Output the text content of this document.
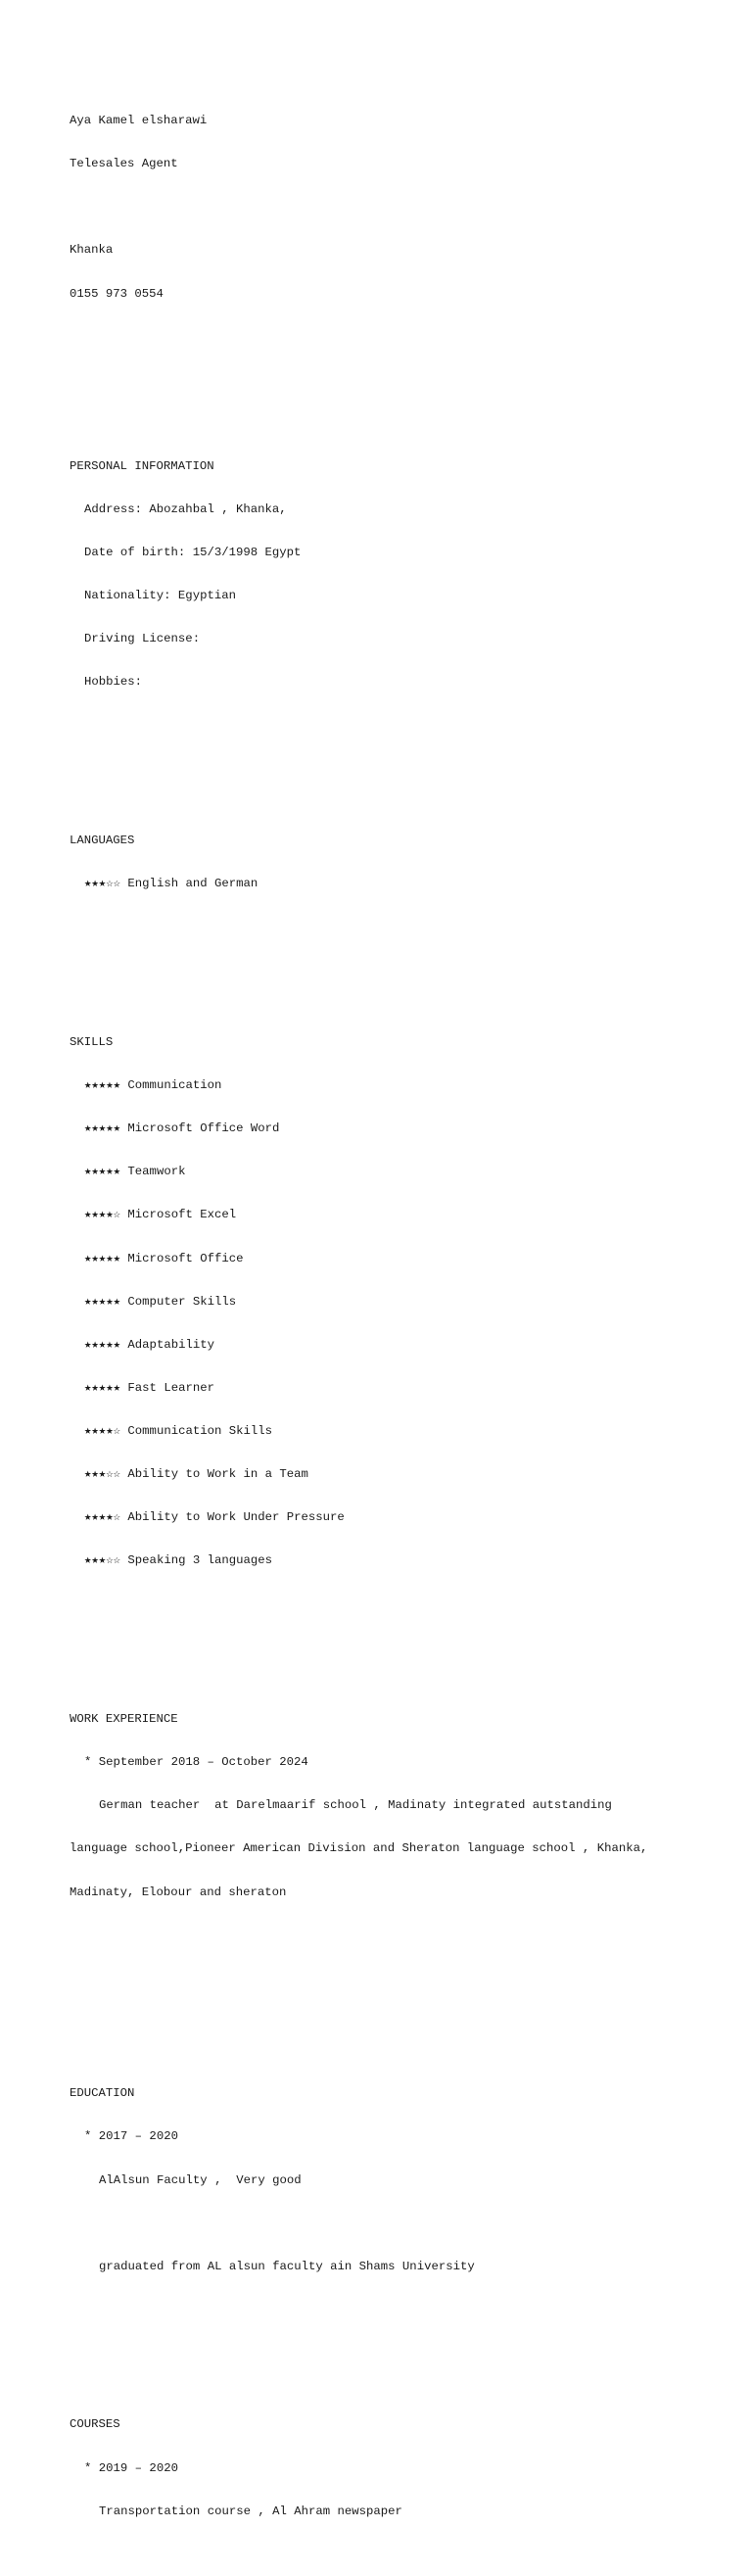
Aya Kamel elsharawi

Telesales Agent

Khanka

0155 973 0554

PERSONAL INFORMATION

Address: Abozahbal , Khanka,

Date of birth: 15/3/1998 Egypt

Nationality: Egyptian

Driving License:

Hobbies:

LANGUAGES

★★★☆☆ English and German

SKILLS

★★★★★ Communication

★★★★★ Microsoft Office Word

★★★★★ Teamwork

★★★★☆ Microsoft Excel

★★★★★ Microsoft Office

★★★★★ Computer Skills

★★★★★ Adaptability

★★★★★ Fast Learner

★★★★☆ Communication Skills

★★★☆☆ Ability to Work in a Team

★★★★☆ Ability to Work Under Pressure

★★★☆☆ Speaking 3 languages

WORK EXPERIENCE

* September 2018 – October 2024

German teacher  at Darelmaarif school , Madinaty integrated autstanding

language school,Pioneer American Division and Sheraton language school , Khanka,

Madinaty, Elobour and sheraton

EDUCATION

* 2017 – 2020

AlAlsun Faculty ,  Very good

graduated from AL alsun faculty ain Shams University

COURSES

* 2019 – 2020

Transportation course , Al Ahram newspaper
